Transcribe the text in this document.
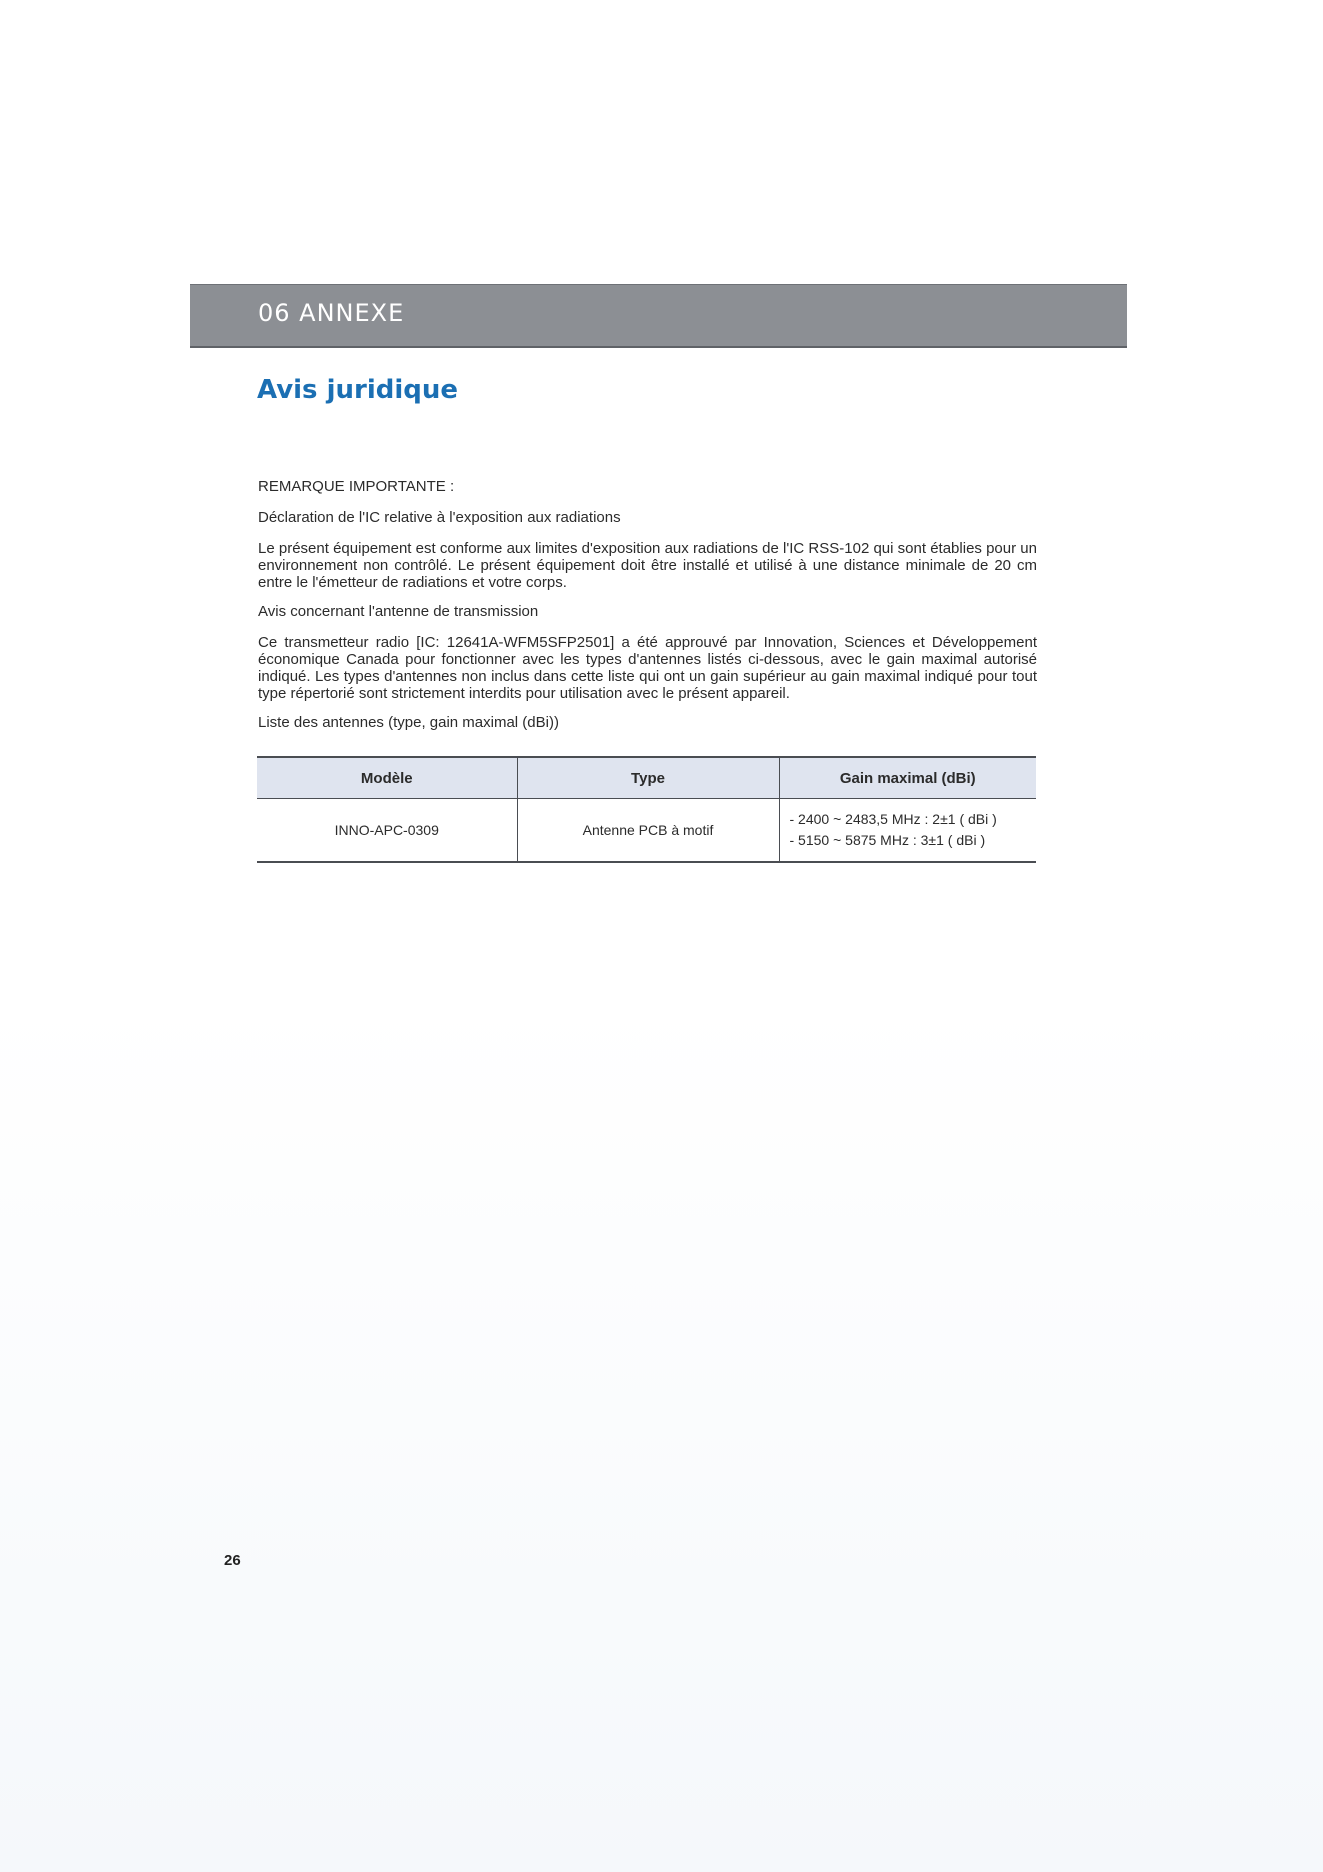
06 ANNEXE
Avis juridique

REMARQUE IMPORTANTE :

Déclaration de l'IC relative à l'exposition aux radiations

Le présent équipement est conforme aux limites d'exposition aux radiations de l'IC RSS-102 qui sont établies pour un environnement non contrôlé. Le présent équipement doit être installé et utilisé à une distance minimale de 20 cm entre le l'émetteur de radiations et votre corps.

Avis concernant l'antenne de transmission

Ce transmetteur radio [IC: 12641A-WFM5SFP2501] a été approuvé par Innovation, Sciences et Développement économique Canada pour fonctionner avec les types d'antennes listés ci-dessous, avec le gain maximal autorisé indiqué. Les types d'antennes non inclus dans cette liste qui ont un gain supérieur au gain maximal indiqué pour tout type répertorié sont strictement interdits pour utilisation avec le présent appareil.

Liste des antennes (type, gain maximal (dBi))

Modèle	Type	Gain maximal (dBi)
INNO-APC-0309	Antenne PCB à motif	- 2400 ~ 2483,5 MHz : 2±1 ( dBi )
- 5150 ~ 5875 MHz : 3±1 ( dBi )
26
